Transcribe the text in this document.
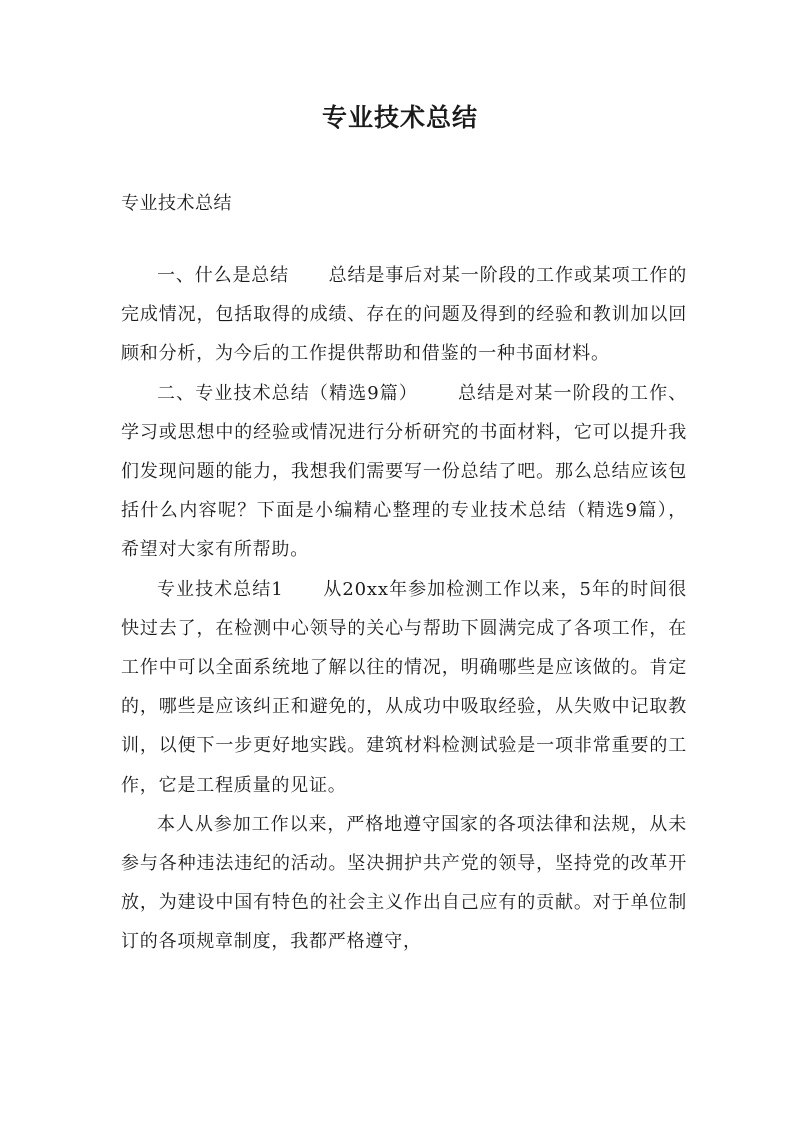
专业技术总结

专业技术总结

一、什么是总结 总结是事后对某一阶段的工作或某项工作的完成情况，包括取得的成绩、存在的问题及得到的经验和教训加以回顾和分析，为今后的工作提供帮助和借鉴的一种书面材料。

二、专业技术总结（精选9篇） 总结是对某一阶段的工作、学习或思想中的经验或情况进行分析研究的书面材料，它可以提升我们发现问题的能力，我想我们需要写一份总结了吧。那么总结应该包括什么内容呢？下面是小编精心整理的专业技术总结（精选9篇），希望对大家有所帮助。

专业技术总结1 从20xx年参加检测工作以来，5年的时间很快过去了，在检测中心领导的关心与帮助下圆满完成了各项工作，在工作中可以全面系统地了解以往的情况，明确哪些是应该做的。肯定的，哪些是应该纠正和避免的，从成功中吸取经验，从失败中记取教训，以便下一步更好地实践。建筑材料检测试验是一项非常重要的工作，它是工程质量的见证。

本人从参加工作以来，严格地遵守国家的各项法律和法规，从未参与各种违法违纪的活动。坚决拥护共产党的领导，坚持党的改革开放，为建设中国有特色的社会主义作出自己应有的贡献。对于单位制订的各项规章制度，我都严格遵守，
